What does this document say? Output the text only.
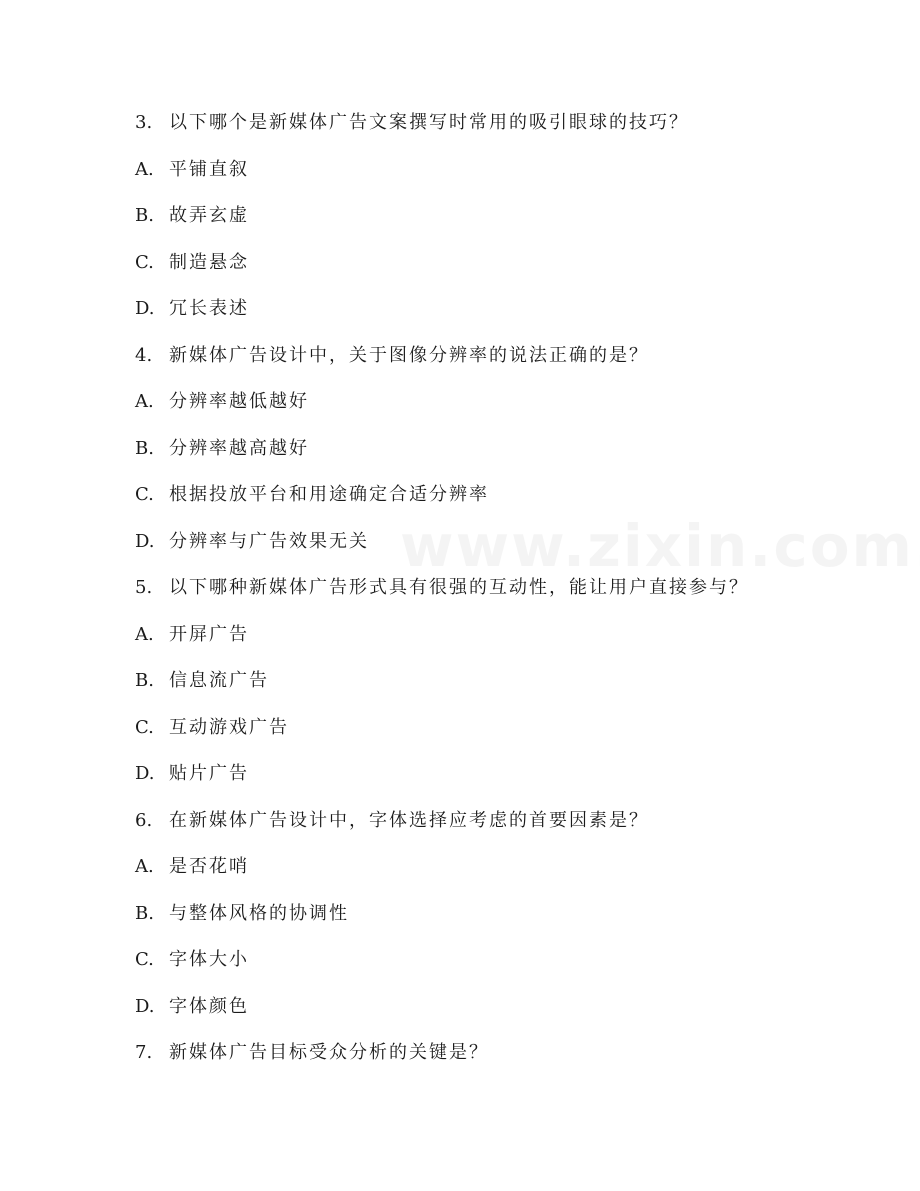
3. 以下哪个是新媒体广告文案撰写时常用的吸引眼球的技巧？
A. 平铺直叙
B. 故弄玄虚
C. 制造悬念
D. 冗长表述
4. 新媒体广告设计中，关于图像分辨率的说法正确的是？
A. 分辨率越低越好
B. 分辨率越高越好
C. 根据投放平台和用途确定合适分辨率
D. 分辨率与广告效果无关
5. 以下哪种新媒体广告形式具有很强的互动性，能让用户直接参与？
A. 开屏广告
B. 信息流广告
C. 互动游戏广告
D. 贴片广告
6. 在新媒体广告设计中，字体选择应考虑的首要因素是？
A. 是否花哨
B. 与整体风格的协调性
C. 字体大小
D. 字体颜色
7. 新媒体广告目标受众分析的关键是？
